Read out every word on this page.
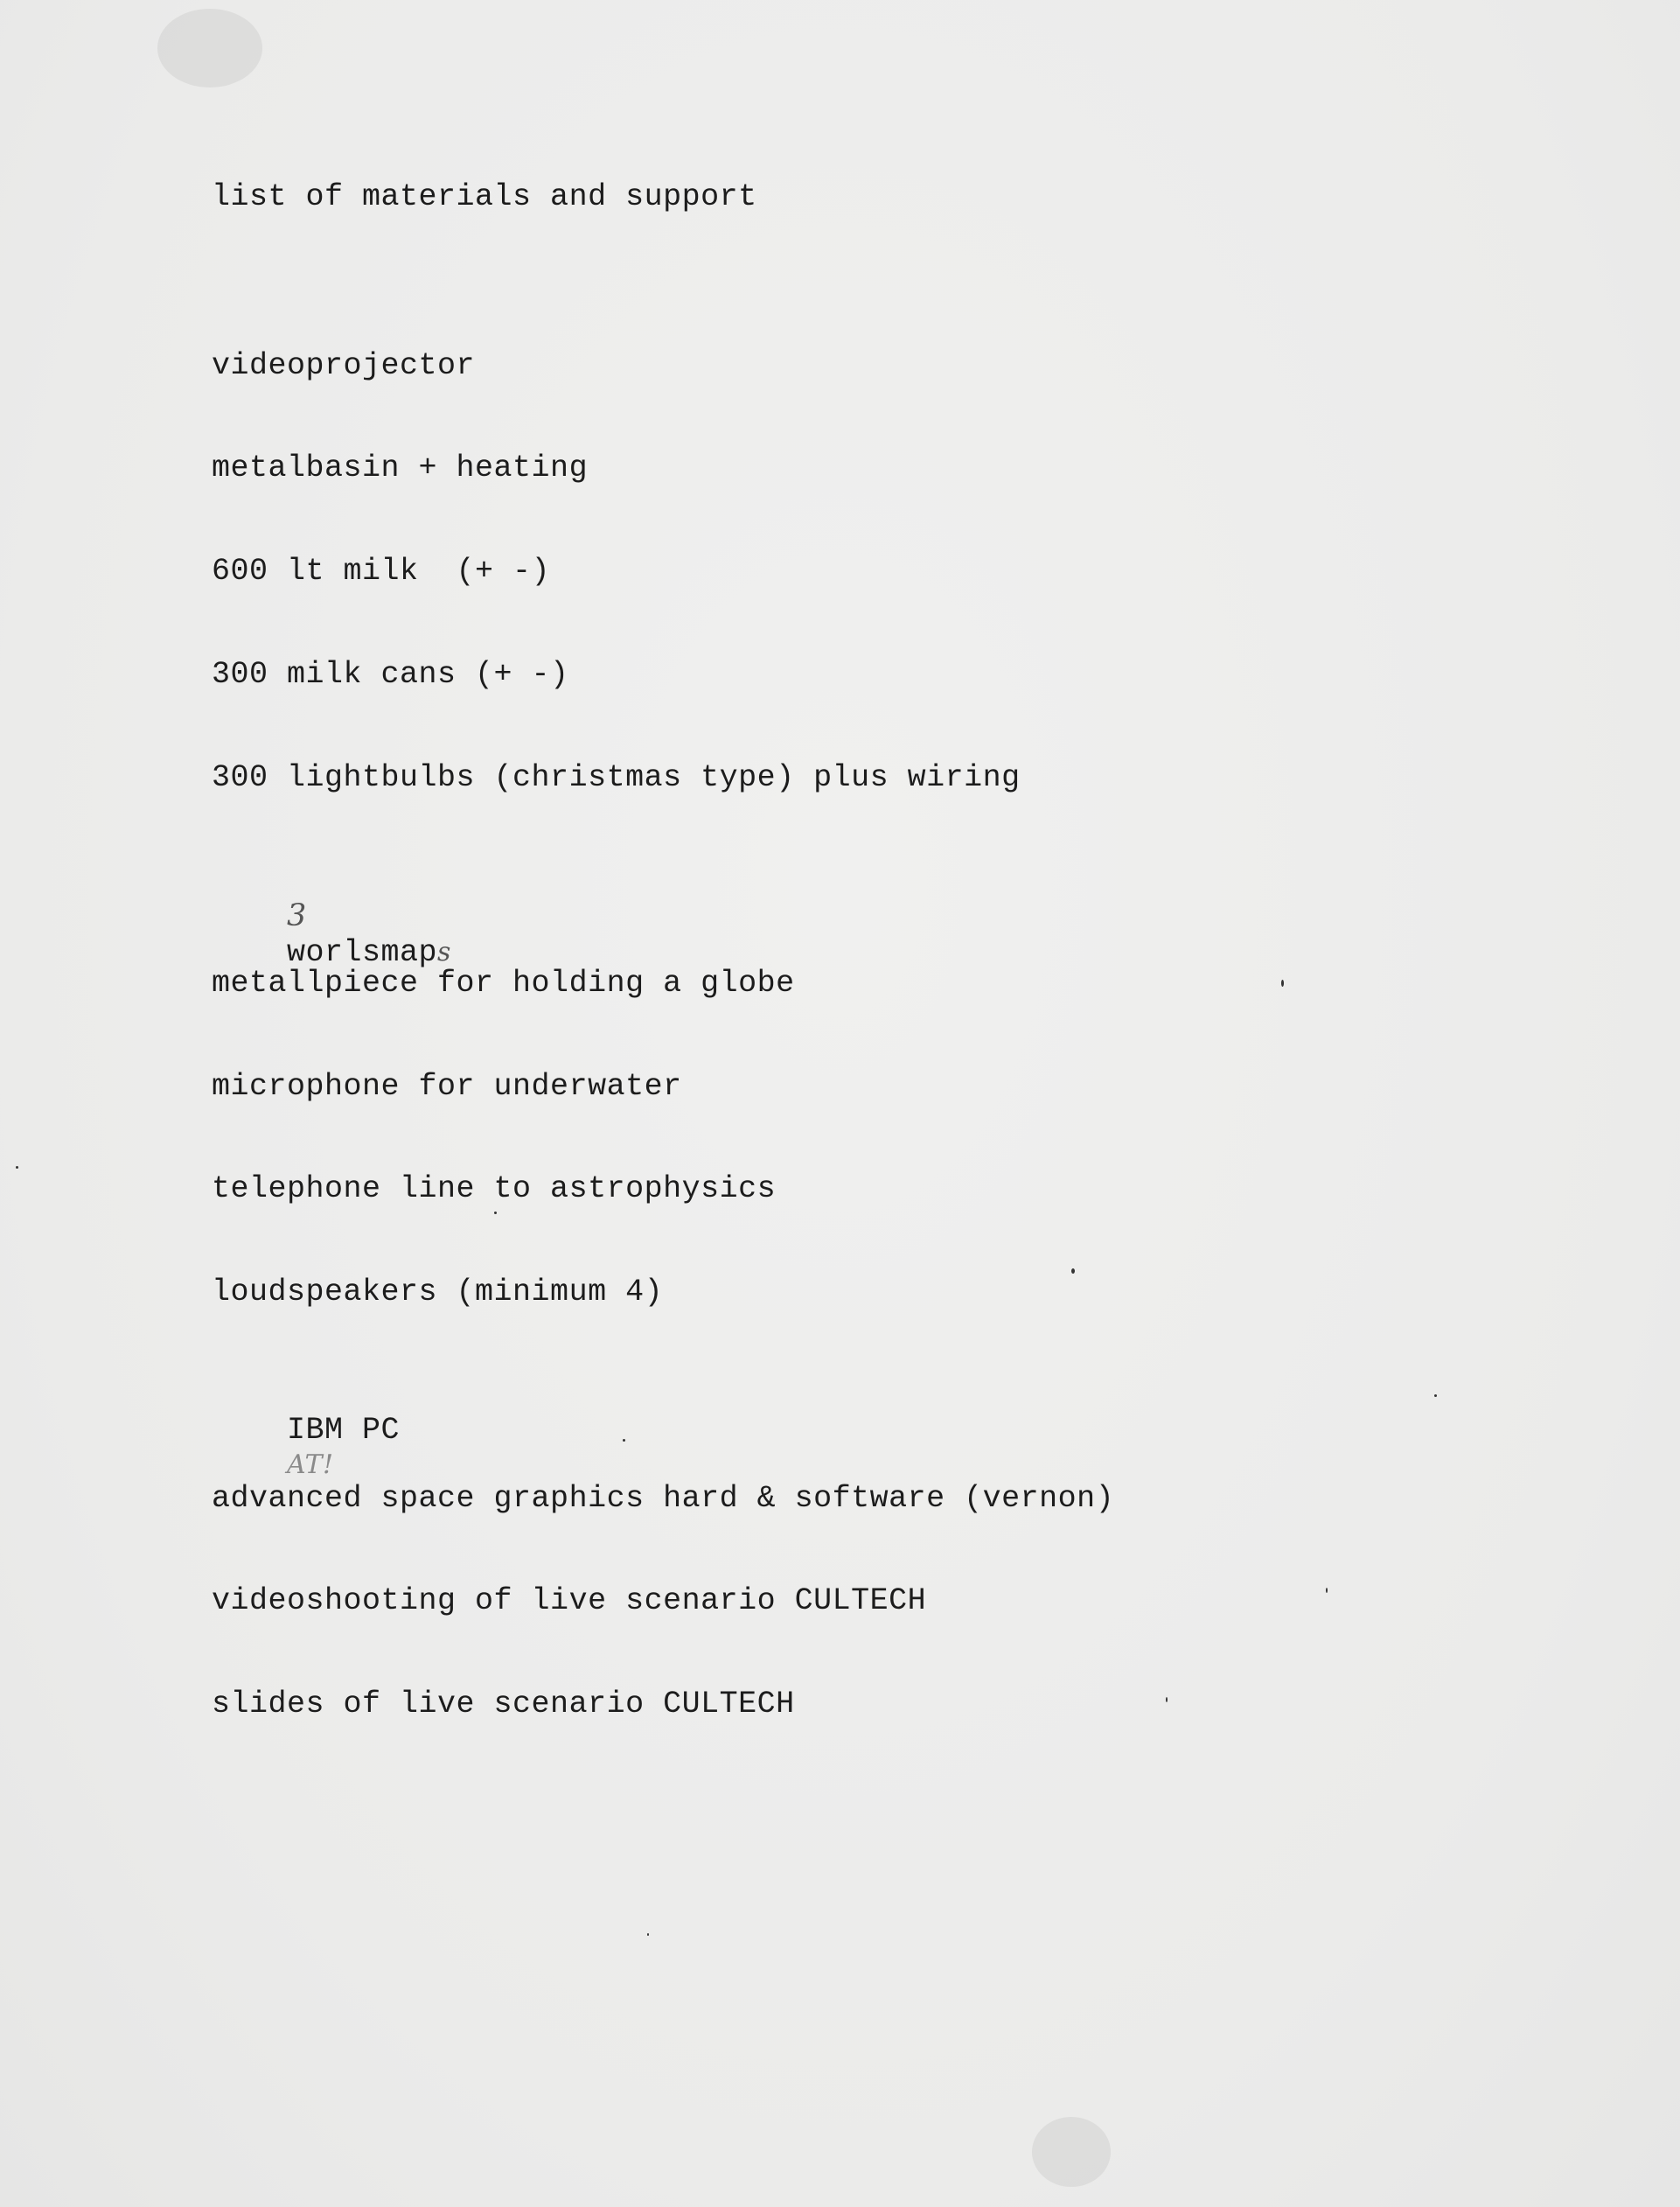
list of materials and support
videoprojector
metalbasin + heating
600 lt milk  (+ -)
300 milk cans (+ -)
300 lightbulbs (christmas type) plus wiring

3
worlsmaps

metallpiece for holding a globe
microphone for underwater
telephone line to astrophysics
loudspeakers (minimum 4)

IBM PC
AT!

advanced space graphics hard & software (vernon)
videoshooting of live scenario CULTECH
slides of live scenario CULTECH
